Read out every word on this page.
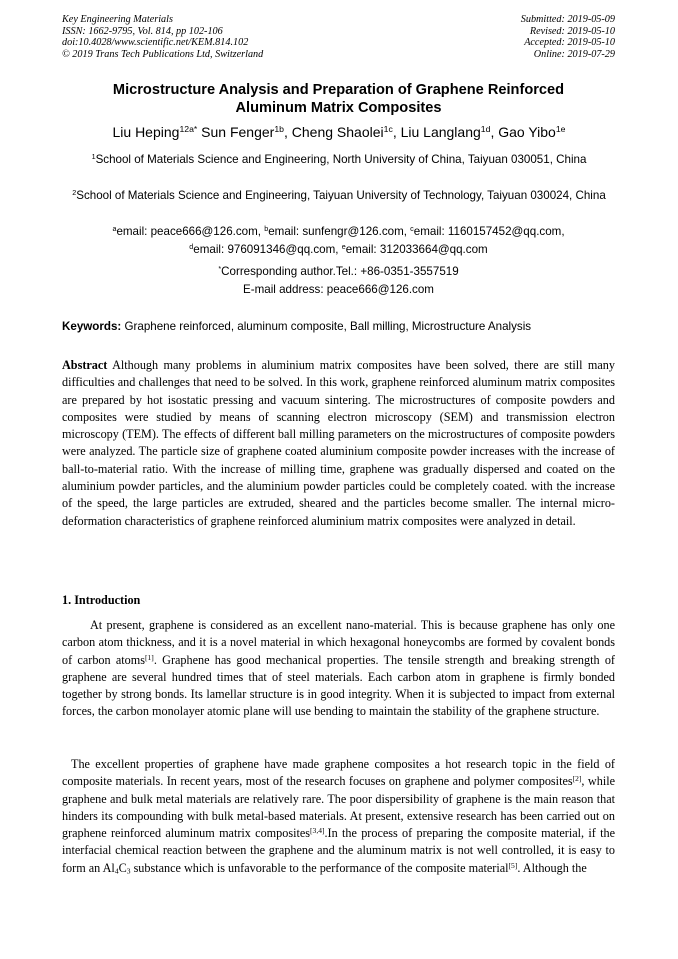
Key Engineering Materials
ISSN: 1662-9795, Vol. 814, pp 102-106
doi:10.4028/www.scientific.net/KEM.814.102
© 2019 Trans Tech Publications Ltd, Switzerland
Submitted: 2019-05-09
Revised: 2019-05-10
Accepted: 2019-05-10
Online: 2019-07-29
Microstructure Analysis and Preparation of Graphene Reinforced
Aluminum Matrix Composites
Liu Heping$^{12a*}$ Sun Fenger$^{1b}$, Cheng Shaolei$^{1c}$, Liu Langlang$^{1d}$, Gao Yibo$^{1e}$
$^1$School of Materials Science and Engineering, North University of China, Taiyuan 030051, China
$^2$School of Materials Science and Engineering, Taiyuan University of Technology, Taiyuan 030024, China
$^a$email: peace666@126.com, $^b$email: sunfengr@126.com, $^c$email: 1160157452@qq.com,
$^d$email: 976091346@qq.com, $^e$email: 312033664@qq.com
*Corresponding author.Tel.: +86-0351-3557519
E-mail address: peace666@126.com
Keywords: Graphene reinforced, aluminum composite, Ball milling, Microstructure Analysis
Abstract Although many problems in aluminium matrix composites have been solved, there are still many difficulties and challenges that need to be solved. In this work, graphene reinforced aluminum matrix composites are prepared by hot isostatic pressing and vacuum sintering. The microstructures of composite powders and composites were studied by means of scanning electron microscopy (SEM) and transmission electron microscopy (TEM). The effects of different ball milling parameters on the microstructures of composite powders were analyzed. The particle size of graphene coated aluminium composite powder increases with the increase of ball-to-material ratio. With the increase of milling time, graphene was gradually dispersed and coated on the aluminium powder particles, and the aluminium powder particles could be completely coated. with the increase of the speed, the large particles are extruded, sheared and the particles become smaller. The internal micro-deformation characteristics of graphene reinforced aluminium matrix composites were analyzed in detail.
1. Introduction
At present, graphene is considered as an excellent nano-material. This is because graphene has only one carbon atom thickness, and it is a novel material in which hexagonal honeycombs are formed by covalent bonds of carbon atoms[1]. Graphene has good mechanical properties. The tensile strength and breaking strength of graphene are several hundred times that of steel materials. Each carbon atom in graphene is firmly bonded together by strong bonds. Its lamellar structure is in good integrity. When it is subjected to impact from external forces, the carbon monolayer atomic plane will use bending to maintain the stability of the graphene structure.
The excellent properties of graphene have made graphene composites a hot research topic in the field of composite materials. In recent years, most of the research focuses on graphene and polymer composites[2], while graphene and bulk metal materials are relatively rare. The poor dispersibility of graphene is the main reason that hinders its compounding with bulk metal-based materials. At present, extensive research has been carried out on graphene reinforced aluminum matrix composites[3,4].In the process of preparing the composite material, if the interfacial chemical reaction between the graphene and the aluminum matrix is not well controlled, it is easy to form an $Al_4C_3$ substance which is unfavorable to the performance of the composite material[5]. Although the
